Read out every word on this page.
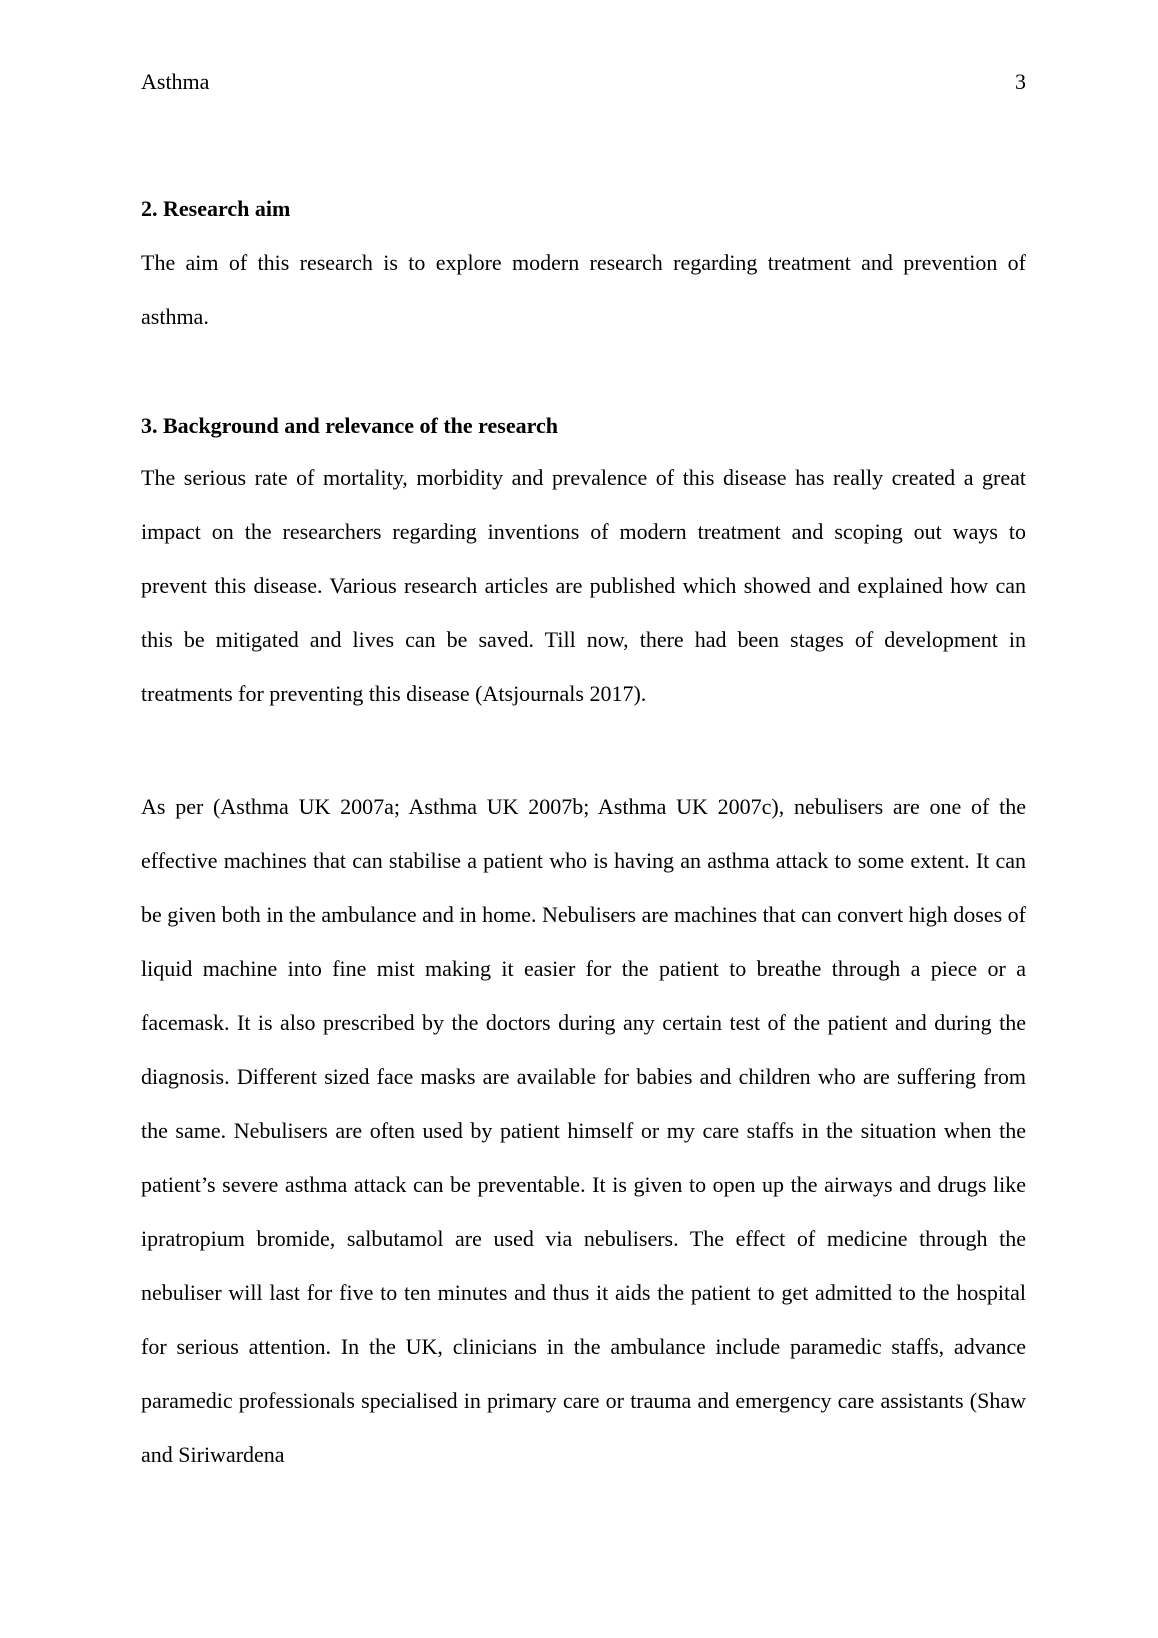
Asthma	3
2. Research aim

The aim of this research is to explore modern research regarding treatment and prevention of asthma.

3. Background and relevance of the research

The serious rate of mortality, morbidity and prevalence of this disease has really created a great impact on the researchers regarding inventions of modern treatment and scoping out ways to prevent this disease. Various research articles are published which showed and explained how can this be mitigated and lives can be saved. Till now, there had been stages of development in treatments for preventing this disease (Atsjournals 2017).

As per (Asthma UK 2007a; Asthma UK 2007b; Asthma UK 2007c), nebulisers are one of the effective machines that can stabilise a patient who is having an asthma attack to some extent. It can be given both in the ambulance and in home. Nebulisers are machines that can convert high doses of liquid machine into fine mist making it easier for the patient to breathe through a piece or a facemask. It is also prescribed by the doctors during any certain test of the patient and during the diagnosis. Different sized face masks are available for babies and children who are suffering from the same. Nebulisers are often used by patient himself or my care staffs in the situation when the patient’s severe asthma attack can be preventable. It is given to open up the airways and drugs like ipratropium bromide, salbutamol are used via nebulisers. The effect of medicine through the nebuliser will last for five to ten minutes and thus it aids the patient to get admitted to the hospital for serious attention. In the UK, clinicians in the ambulance include paramedic staffs, advance paramedic professionals specialised in primary care or trauma and emergency care assistants (Shaw and Siriwardena
